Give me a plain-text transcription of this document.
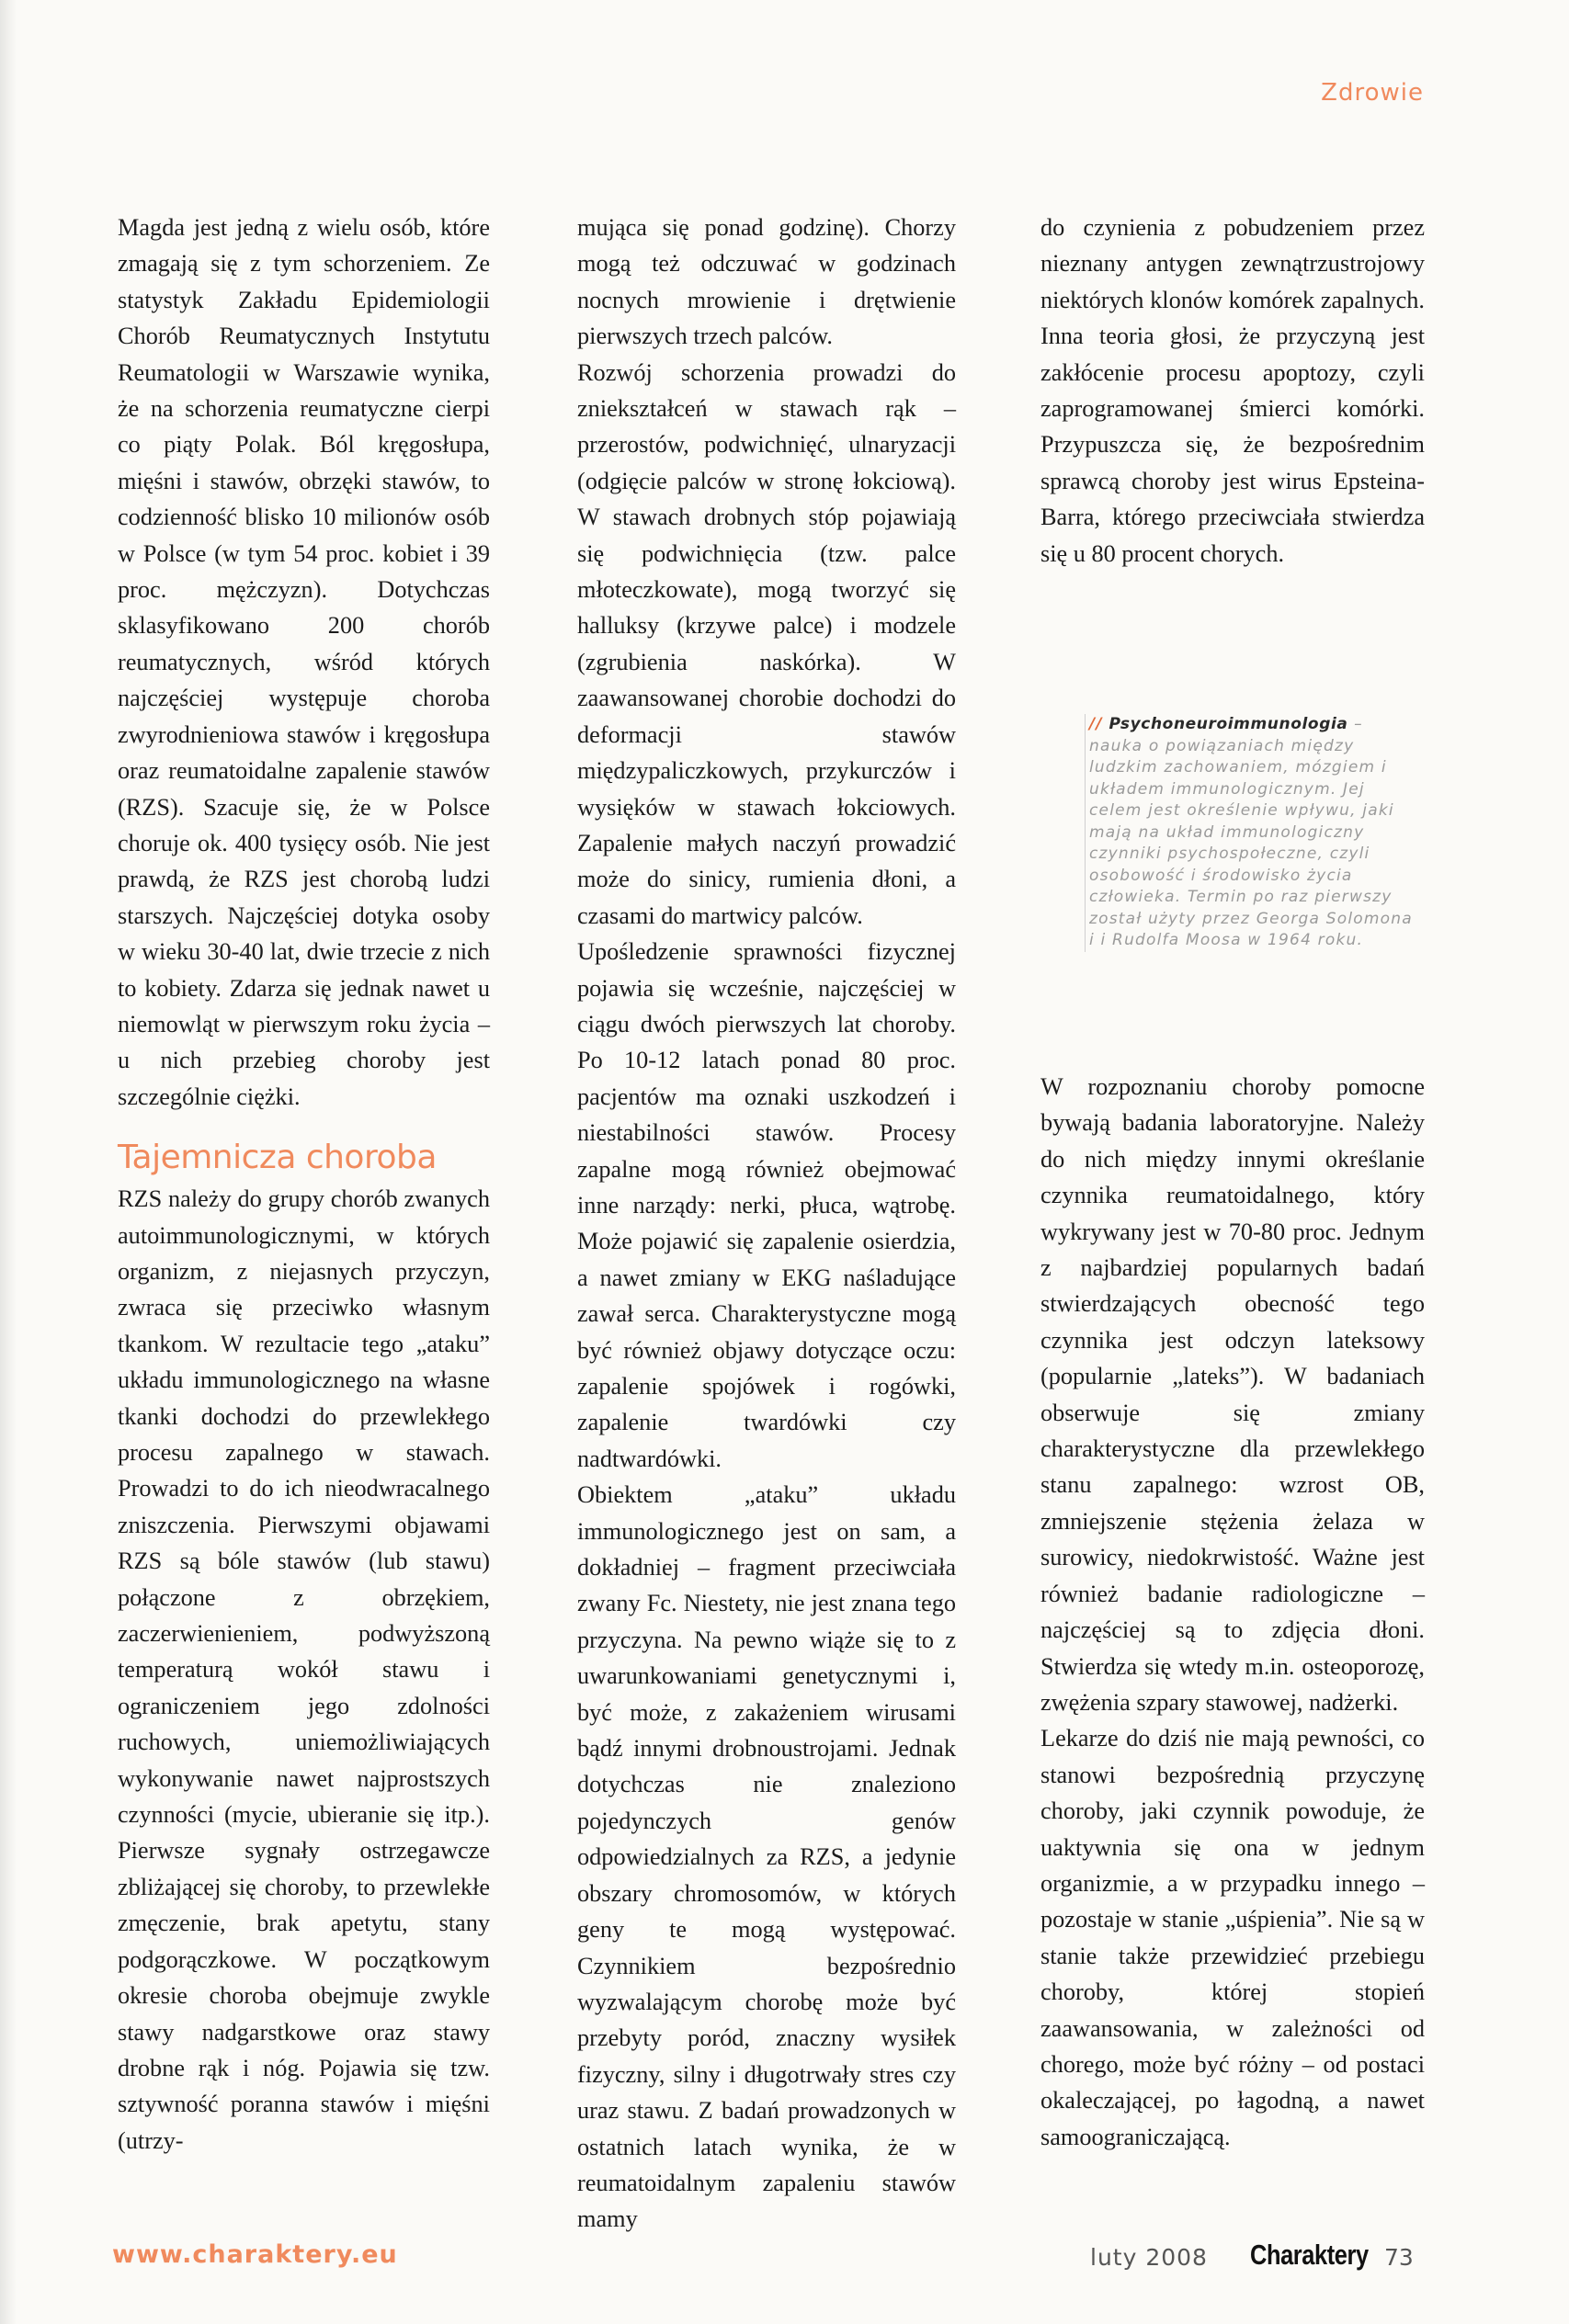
Zdrowie

Magda jest jedną z wielu osób, które zmagają się z tym schorzeniem. Ze statystyk Zakładu Epidemiologii Chorób Reumatycznych Instytutu Reumatologii w Warszawie wynika, że na schorzenia reumatyczne cierpi co piąty Polak. Ból kręgosłupa, mięśni i stawów, obrzęki stawów, to codzienność blisko 10 milionów osób w Polsce (w tym 54 proc. kobiet i 39 proc. mężczyzn). Dotychczas sklasyfikowano 200 chorób reumatycznych, wśród których najczęściej występuje choroba zwyrodnieniowa stawów i kręgosłupa oraz reumatoidalne zapalenie stawów (RZS). Szacuje się, że w Polsce choruje ok. 400 tysięcy osób. Nie jest prawdą, że RZS jest chorobą ludzi starszych. Najczęściej dotyka osoby w wieku 30-40 lat, dwie trzecie z nich to kobiety. Zdarza się jednak nawet u niemowląt w pierwszym roku życia – u nich przebieg choroby jest szczególnie ciężki.

Tajemnicza choroba

RZS należy do grupy chorób zwanych autoimmunologicznymi, w których organizm, z niejasnych przyczyn, zwraca się przeciwko własnym tkankom. W rezultacie tego „ataku” układu immunologicznego na własne tkanki dochodzi do przewlekłego procesu zapalnego w stawach. Prowadzi to do ich nieodwracalnego zniszczenia. Pierwszymi objawami RZS są bóle stawów (lub stawu) połączone z obrzękiem, zaczerwienieniem, podwyższoną temperaturą wokół stawu i ograniczeniem jego zdolności ruchowych, uniemożliwiających wykonywanie nawet najprostszych czynności (mycie, ubieranie się itp.). Pierwsze sygnały ostrzegawcze zbliżającej się choroby, to przewlekłe zmęczenie, brak apetytu, stany podgorączkowe. W początkowym okresie choroba obejmuje zwykle stawy nadgarstkowe oraz stawy drobne rąk i nóg. Pojawia się tzw. sztywność poranna stawów i mięśni (utrzy-

mująca się ponad godzinę). Chorzy mogą też odczuwać w godzinach nocnych mrowienie i drętwienie pierwszych trzech palców.

Rozwój schorzenia prowadzi do zniekształceń w stawach rąk – przerostów, podwichnięć, ulnaryzacji (odgięcie palców w stronę łokciową). W stawach drobnych stóp pojawiają się podwichnięcia (tzw. palce młoteczkowate), mogą tworzyć się halluksy (krzywe palce) i modzele (zgrubienia naskórka). W zaawansowanej chorobie dochodzi do deformacji stawów międzypaliczkowych, przykurczów i wysięków w stawach łokciowych. Zapalenie małych naczyń prowadzić może do sinicy, rumienia dłoni, a czasami do martwicy palców.

Upośledzenie sprawności fizycznej pojawia się wcześnie, najczęściej w ciągu dwóch pierwszych lat choroby. Po 10-12 latach ponad 80 proc. pacjentów ma oznaki uszkodzeń i niestabilności stawów. Procesy zapalne mogą również obejmować inne narządy: nerki, płuca, wątrobę. Może pojawić się zapalenie osierdzia, a nawet zmiany w EKG naśladujące zawał serca. Charakterystyczne mogą być również objawy dotyczące oczu: zapalenie spojówek i rogówki, zapalenie twardówki czy nadtwardówki.

Obiektem „ataku” układu immunologicznego jest on sam, a dokładniej – fragment przeciwciała zwany Fc. Niestety, nie jest znana tego przyczyna. Na pewno wiąże się to z uwarunkowaniami genetycznymi i, być może, z zakażeniem wirusami bądź innymi drobnoustrojami. Jednak dotychczas nie znaleziono pojedynczych genów odpowiedzialnych za RZS, a jedynie obszary chromosomów, w których geny te mogą występować. Czynnikiem bezpośrednio wyzwalającym chorobę może być przebyty poród, znaczny wysiłek fizyczny, silny i długotrwały stres czy uraz stawu. Z badań prowadzonych w ostatnich latach wynika, że w reumatoidalnym zapaleniu stawów mamy

do czynienia z pobudzeniem przez nieznany antygen zewnątrzustrojowy niektórych klonów komórek zapalnych. Inna teoria głosi, że przyczyną jest zakłócenie procesu apoptozy, czyli zaprogramowanej śmierci komórki. Przypuszcza się, że bezpośrednim sprawcą choroby jest wirus Epsteina-Barra, którego przeciwciała stwierdza się u 80 procent chorych.

// Psychoneuroimmunologia – nauka o powiązaniach między ludzkim zachowaniem, mózgiem i układem immunologicznym. Jej celem jest określenie wpływu, jaki mają na układ immunologiczny czynniki psychospołeczne, czyli osobowość i środowisko życia człowieka. Termin po raz pierwszy został użyty przez Georga Solomona i i Rudolfa Moosa w 1964 roku.

W rozpoznaniu choroby pomocne bywają badania laboratoryjne. Należy do nich między innymi określanie czynnika reumatoidalnego, który wykrywany jest w 70-80 proc. Jednym z najbardziej popularnych badań stwierdzających obecność tego czynnika jest odczyn lateksowy (popularnie „lateks”). W badaniach obserwuje się zmiany charakterystyczne dla przewlekłego stanu zapalnego: wzrost OB, zmniejszenie stężenia żelaza w surowicy, niedokrwistość. Ważne jest również badanie radiologiczne – najczęściej są to zdjęcia dłoni. Stwierdza się wtedy m.in. osteoporozę, zwężenia szpary stawowej, nadżerki.

Lekarze do dziś nie mają pewności, co stanowi bezpośrednią przyczynę choroby, jaki czynnik powoduje, że uaktywnia się ona w jednym organizmie, a w przypadku innego – pozostaje w stanie „uśpienia”. Nie są w stanie także przewidzieć przebiegu choroby, której stopień zaawansowania, w zależności od chorego, może być różny – od postaci okaleczającej, po łagodną, a nawet samoograniczającą.

www.charaktery.eu	luty 2008 Charaktery 73
